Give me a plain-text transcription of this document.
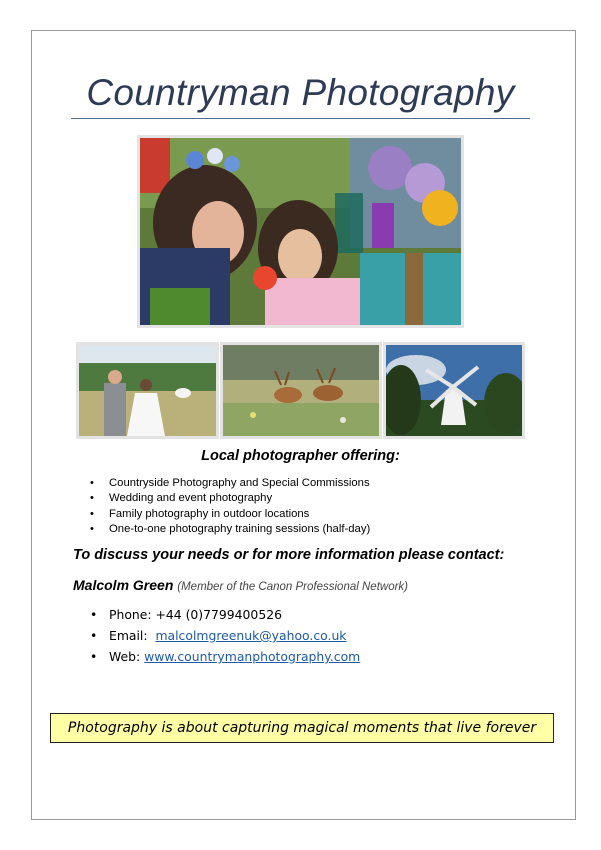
Countryman Photography
Local photographer offering:
• Countryside Photography and Special Commissions
• Wedding and event photography
• Family photography in outdoor locations
• One-to-one photography training sessions (half-day)
To discuss your needs or for more information please contact:
Malcolm Green (Member of the Canon Professional Network)
• Phone: +44 (0)7799400526
• Email: malcolmgreenuk@yahoo.co.uk
• Web: www.countrymanphotography.com
Photography is about capturing magical moments that live forever
